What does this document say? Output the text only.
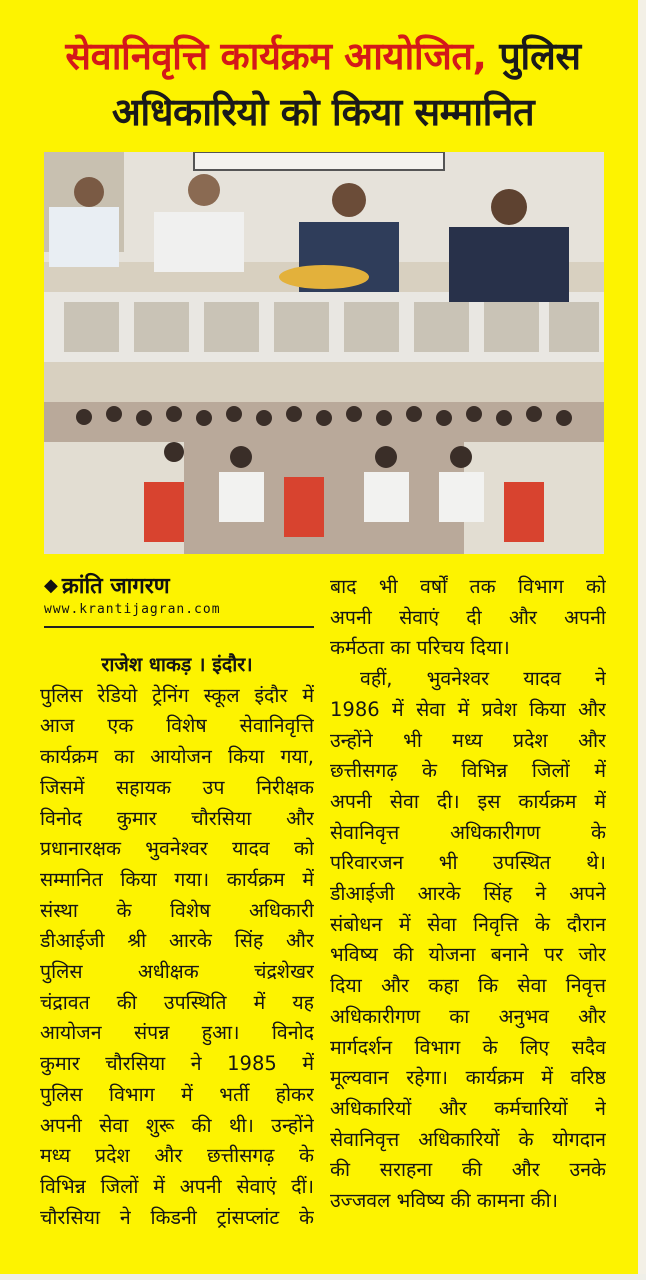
सेवानिवृत्ति कार्यक्रम आयोजित, पुलिस
अधिकारियो को किया सम्मानित
◆ क्रांति जागरण
www.krantijagran.com
राजेश धाकड़ । इंदौर।
पुलिस रेडियो ट्रेनिंग स्कूल इंदौर में
आज एक विशेष सेवानिवृत्ति
कार्यक्रम का आयोजन किया गया,
जिसमें सहायक उप निरीक्षक
विनोद कुमार चौरसिया और
प्रधानारक्षक भुवनेश्वर यादव को
सम्मानित किया गया। कार्यक्रम में
संस्था के विशेष अधिकारी
डीआईजी श्री आरके सिंह और
पुलिस अधीक्षक चंद्रशेखर
चंद्रावत की उपस्थिति में यह
आयोजन संपन्न हुआ। विनोद
कुमार चौरसिया ने 1985 में
पुलिस विभाग में भर्ती होकर
अपनी सेवा शुरू की थी। उन्होंने
मध्य प्रदेश और छत्तीसगढ़ के
विभिन्न जिलों में अपनी सेवाएं दीं।
चौरसिया ने किडनी ट्रांसप्लांट के
बाद भी वर्षों तक विभाग को
अपनी सेवाएं दी और अपनी
कर्मठता का परिचय दिया।
वहीं, भुवनेश्वर यादव ने
1986 में सेवा में प्रवेश किया और
उन्होंने भी मध्य प्रदेश और
छत्तीसगढ़ के विभिन्न जिलों में
अपनी सेवा दी। इस कार्यक्रम में
सेवानिवृत्त अधिकारीगण के
परिवारजन भी उपस्थित थे।
डीआईजी आरके सिंह ने अपने
संबोधन में सेवा निवृत्ति के दौरान
भविष्य की योजना बनाने पर जोर
दिया और कहा कि सेवा निवृत्त
अधिकारीगण का अनुभव और
मार्गदर्शन विभाग के लिए सदैव
मूल्यवान रहेगा। कार्यक्रम में वरिष्ठ
अधिकारियों और कर्मचारियों ने
सेवानिवृत्त अधिकारियों के योगदान
की सराहना की और उनके
उज्जवल भविष्य की कामना की।
